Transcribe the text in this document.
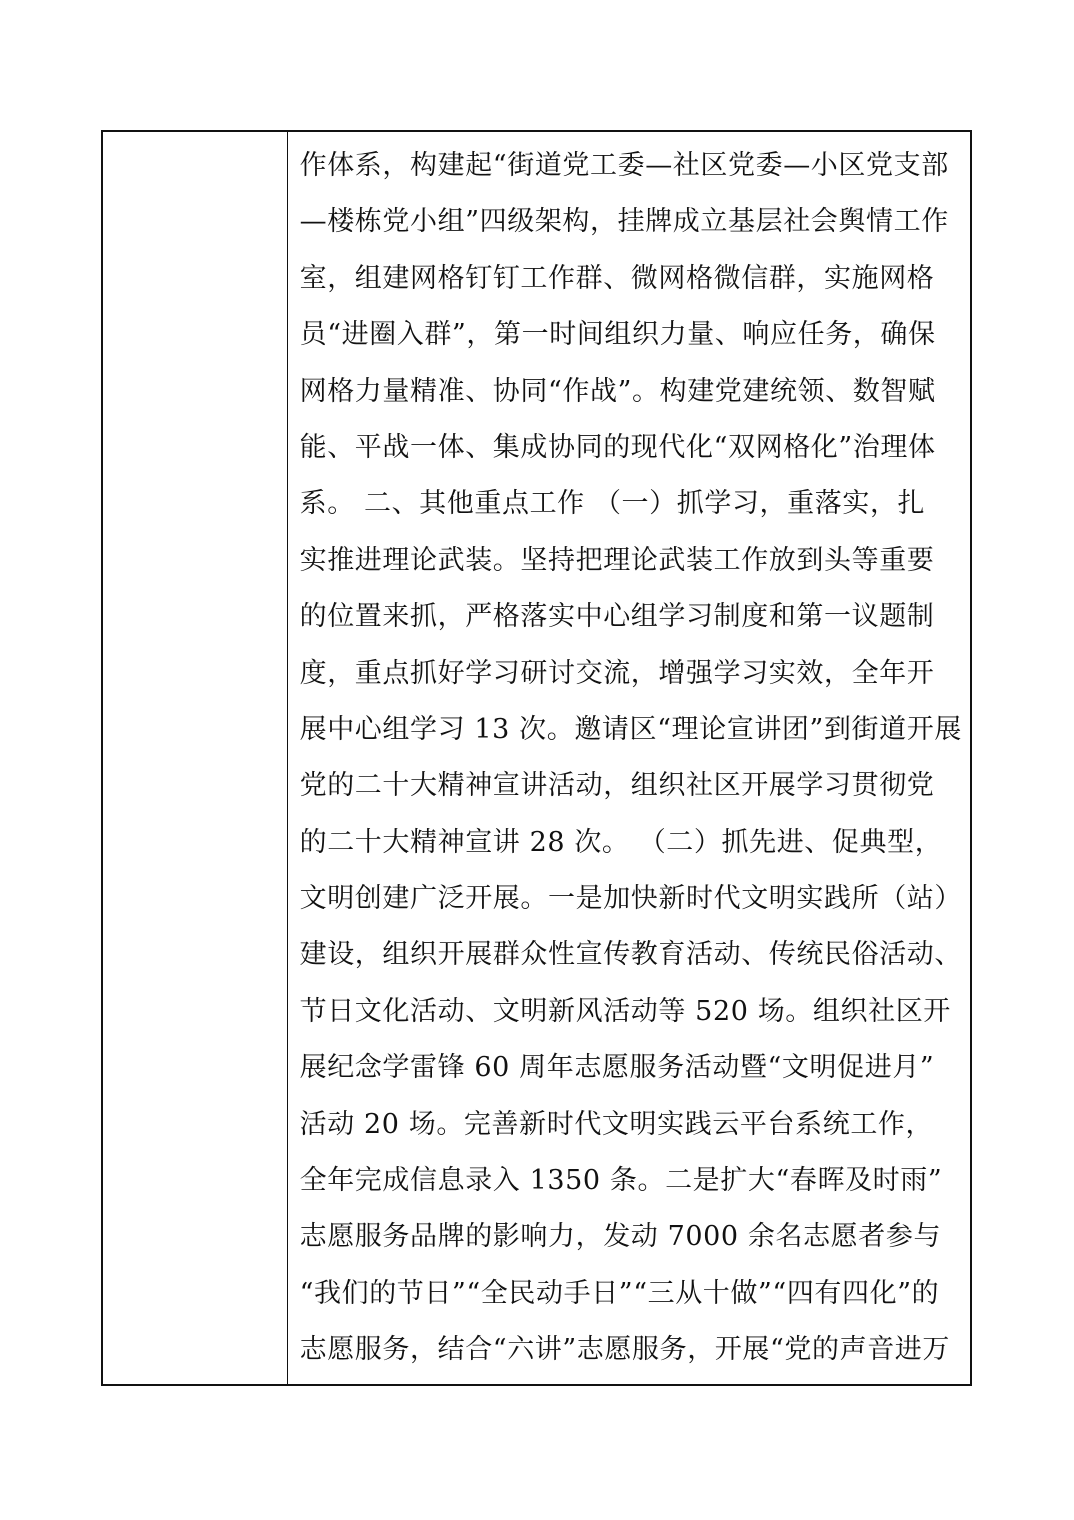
作体系，构建起“街道党工委—社区党委—小区党支部
—楼栋党小组”四级架构，挂牌成立基层社会舆情工作
室，组建网格钉钉工作群、微网格微信群，实施网格
员“进圈入群”，第一时间组织力量、响应任务，确保
网格力量精准、协同“作战”。构建党建统领、数智赋
能、平战一体、集成协同的现代化“双网格化”治理体
系。 二、其他重点工作 （一）抓学习，重落实，扎
实推进理论武装。坚持把理论武装工作放到头等重要
的位置来抓，严格落实中心组学习制度和第一议题制
度，重点抓好学习研讨交流，增强学习实效，全年开
展中心组学习 13 次。邀请区“理论宣讲团”到街道开展
党的二十大精神宣讲活动，组织社区开展学习贯彻党
的二十大精神宣讲 28 次。 （二）抓先进、促典型，
文明创建广泛开展。一是加快新时代文明实践所（站）
建设，组织开展群众性宣传教育活动、传统民俗活动、
节日文化活动、文明新风活动等 520 场。组织社区开
展纪念学雷锋 60 周年志愿服务活动暨“文明促进月”
活动 20 场。完善新时代文明实践云平台系统工作，
全年完成信息录入 1350 条。二是扩大“春晖及时雨”
志愿服务品牌的影响力，发动 7000 余名志愿者参与
“我们的节日”“全民动手日”“三从十做”“四有四化”的
志愿服务，结合“六讲”志愿服务，开展“党的声音进万
